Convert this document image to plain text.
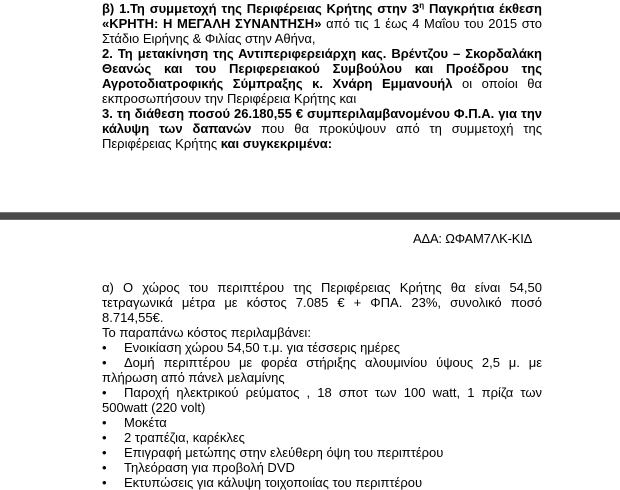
β) 1.Τη συμμετοχή της Περιφέρειας Κρήτης στην $3^\eta$ Παγκρήτια έκθεση «ΚΡΗΤΗ: Η ΜΕΓΑΛΗ ΣΥΝΑΝΤΗΣΗ» από τις 1 έως 4 Μαΐου του 2015 στο Στάδιο Ειρήνης & Φιλίας στην Αθήνα,

2. Τη μετακίνηση της Αντιπεριφερειάρχη κας. Βρέντζου – Σκορδαλάκη Θεανώς και του Περιφερειακού Συμβούλου και Προέδρου της Αγροτοδιατροφικής Σύμπραξης κ. Χνάρη Εμμανουήλ οι οποίοι θα εκπροσωπήσουν την Περιφέρεια Κρήτης και

3. τη διάθεση ποσού 26.180,55 € συμπεριλαμβανομένου Φ.Π.Α. για την κάλυψη των δαπανών που θα προκύψουν από τη συμμετοχή της Περιφέρειας Κρήτης και συγκεκριμένα:

ΑΔΑ: ΩΦΑΜ7ΛΚ-ΚΙΔ

α) Ο χώρος του περιπτέρου της Περιφέρειας Κρήτης θα είναι 54,50 τετραγωνικά μέτρα με κόστος 7.085 € + ΦΠΑ. 23%, συνολικό ποσό 8.714,55€.

Το παραπάνω κόστος περιλαμβάνει:

• Ενοικίαση χώρου 54,50 τ.μ. για τέσσερις ημέρες
• Δομή περιπτέρου με φορέα στήριξης αλουμινίου ύψους 2,5 μ. με πλήρωση από πάνελ μελαμίνης
• Παροχή ηλεκτρικού ρεύματος , 18 σποτ των 100 watt, 1 πρίζα των 500watt (220 volt)
• Μοκέτα
• 2 τραπέζια, καρέκλες
• Επιγραφή μετώπης στην ελεύθερη όψη του περιπτέρου
• Τηλεόραση για προβολή DVD
• Εκτυπώσεις για κάλυψη τοιχοποιίας του περιπτέρου
